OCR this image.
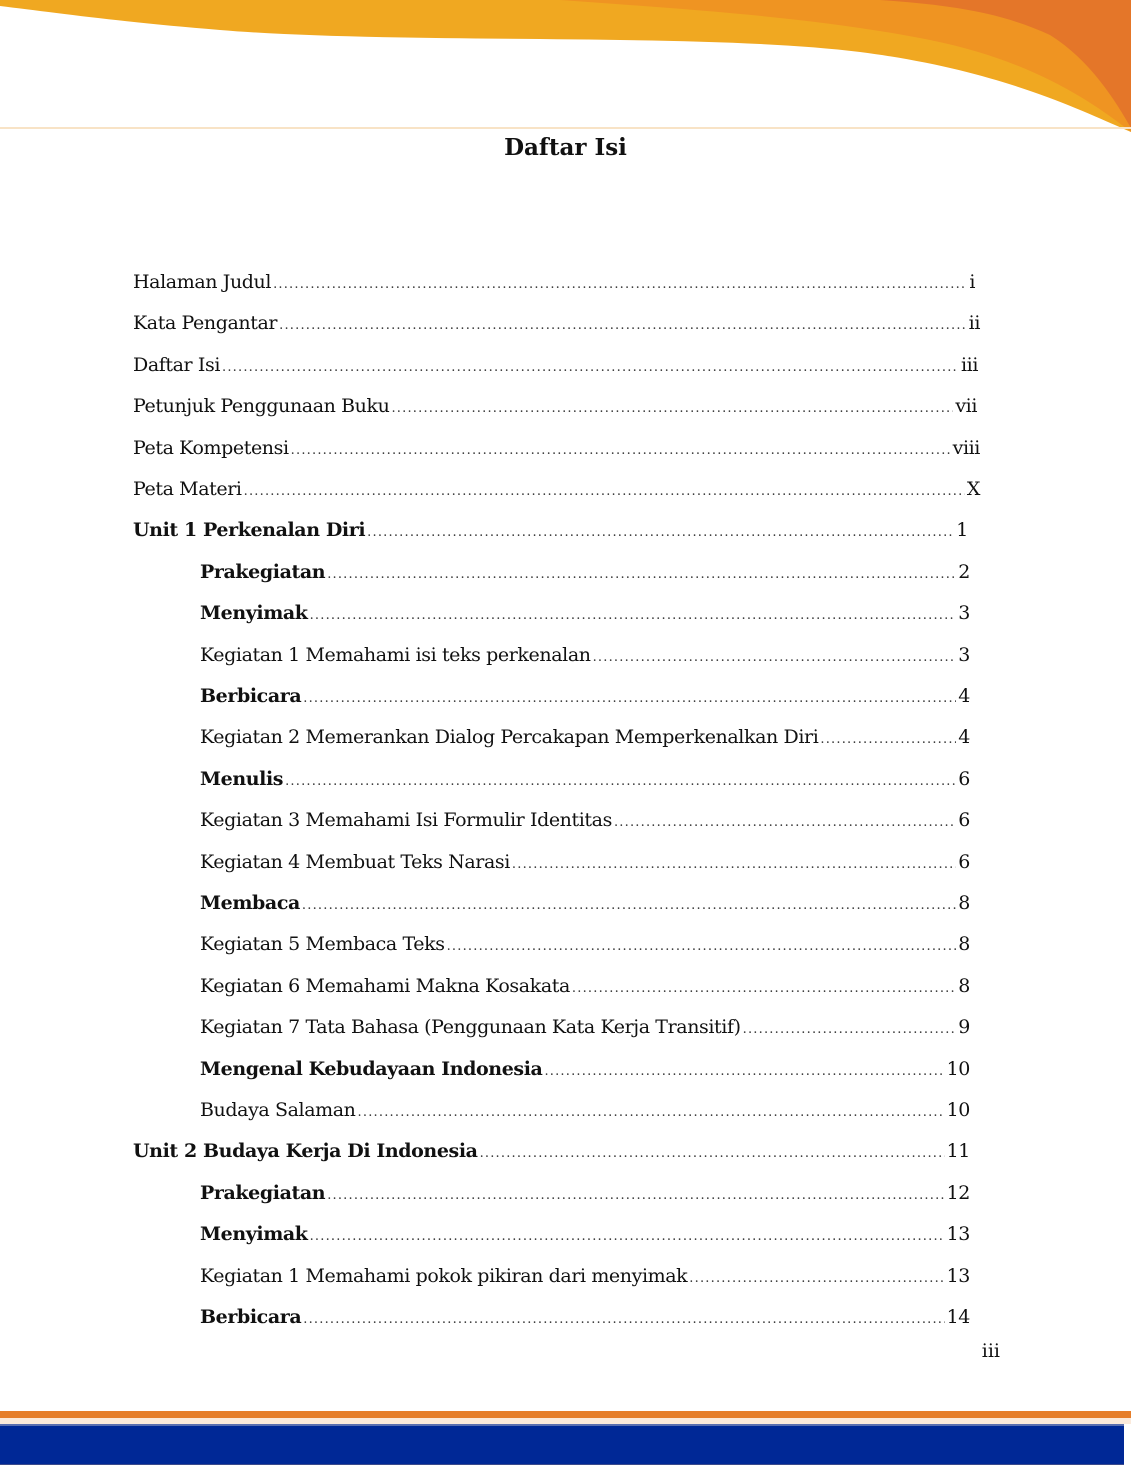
Daftar Isi
Halaman Judul .....	i
Kata Pengantar .....	ii
Daftar Isi .....	iii
Petunjuk Penggunaan Buku .....	vii
Peta Kompetensi .....	viii
Peta Materi .....	X
Unit 1 Perkenalan Diri .....	1
Prakegiatan .....	2
Menyimak .....	3
Kegiatan 1 Memahami isi teks perkenalan .....	3
Berbicara .....	4
Kegiatan 2 Memerankan Dialog Percakapan Memperkenalkan Diri .....	4
Menulis .....	6
Kegiatan 3 Memahami Isi Formulir Identitas .....	6
Kegiatan 4 Membuat Teks Narasi .....	6
Membaca .....	8
Kegiatan 5 Membaca Teks .....	8
Kegiatan 6 Memahami Makna Kosakata .....	8
Kegiatan 7 Tata Bahasa (Penggunaan Kata Kerja Transitif) .....	9
Mengenal Kebudayaan Indonesia .....	10
Budaya Salaman .....	10
Unit 2 Budaya Kerja Di Indonesia .....	11
Prakegiatan .....	12
Menyimak .....	13
Kegiatan 1 Memahami pokok pikiran dari menyimak .....	13
Berbicara .....	14
iii
